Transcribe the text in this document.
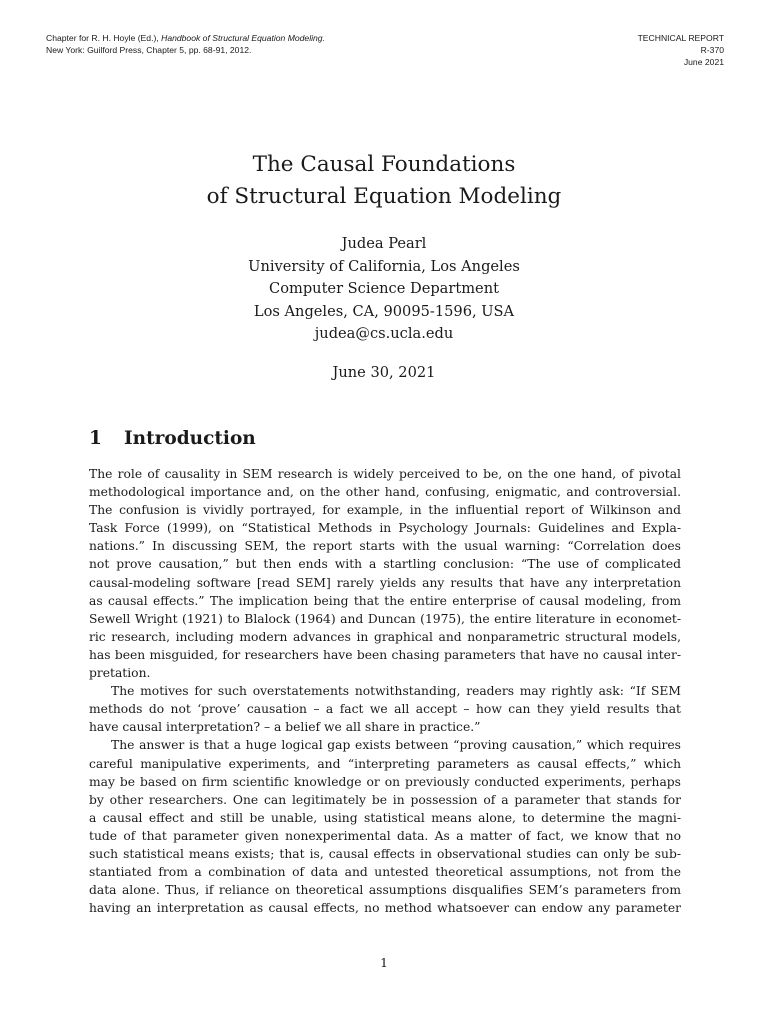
Chapter for R. H. Hoyle (Ed.), Handbook of Structural Equation Modeling.
New York: Guilford Press, Chapter 5, pp. 68-91, 2012.
TECHNICAL REPORT
R-370
June 2021
The Causal Foundations
of Structural Equation Modeling
Judea Pearl
University of California, Los Angeles
Computer Science Department
Los Angeles, CA, 90095-1596, USA
judea@cs.ucla.edu
June 30, 2021
1 Introduction
The role of causality in SEM research is widely perceived to be, on the one hand, of pivotal
methodological importance and, on the other hand, confusing, enigmatic, and controversial.
The confusion is vividly portrayed, for example, in the influential report of Wilkinson and
Task Force (1999), on “Statistical Methods in Psychology Journals: Guidelines and Expla-
nations.” In discussing SEM, the report starts with the usual warning: “Correlation does
not prove causation,” but then ends with a startling conclusion: “The use of complicated
causal-modeling software [read SEM] rarely yields any results that have any interpretation
as causal effects.” The implication being that the entire enterprise of causal modeling, from
Sewell Wright (1921) to Blalock (1964) and Duncan (1975), the entire literature in economet-
ric research, including modern advances in graphical and nonparametric structural models,
has been misguided, for researchers have been chasing parameters that have no causal inter-
pretation.
The motives for such overstatements notwithstanding, readers may rightly ask: “If SEM
methods do not ‘prove’ causation – a fact we all accept – how can they yield results that
have causal interpretation? – a belief we all share in practice.”
The answer is that a huge logical gap exists between “proving causation,” which requires
careful manipulative experiments, and “interpreting parameters as causal effects,” which
may be based on firm scientific knowledge or on previously conducted experiments, perhaps
by other researchers. One can legitimately be in possession of a parameter that stands for
a causal effect and still be unable, using statistical means alone, to determine the magni-
tude of that parameter given nonexperimental data. As a matter of fact, we know that no
such statistical means exists; that is, causal effects in observational studies can only be sub-
stantiated from a combination of data and untested theoretical assumptions, not from the
data alone. Thus, if reliance on theoretical assumptions disqualifies SEM’s parameters from
having an interpretation as causal effects, no method whatsoever can endow any parameter
1
